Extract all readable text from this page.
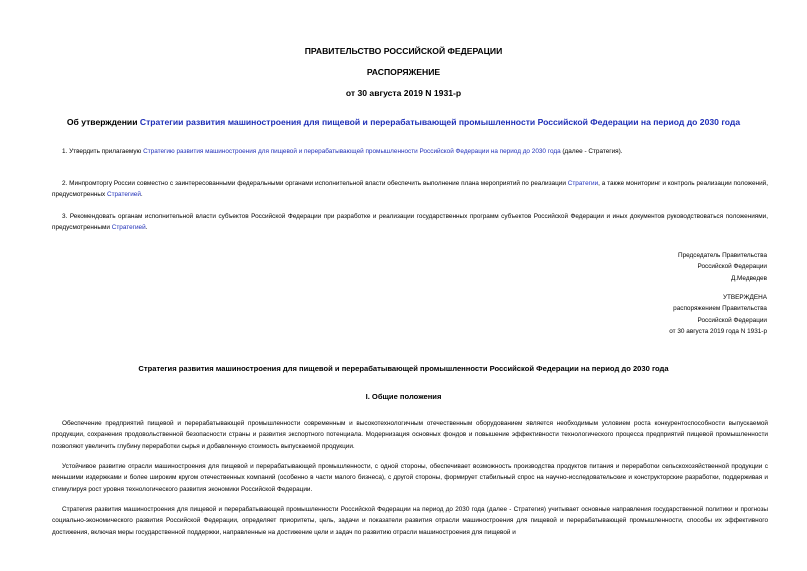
ПРАВИТЕЛЬСТВО РОССИЙСКОЙ ФЕДЕРАЦИИ
РАСПОРЯЖЕНИЕ
от 30 августа 2019 N 1931-р
Об утверждении Стратегии развития машиностроения для пищевой и перерабатывающей промышленности Российской Федерации на период до 2030 года
1. Утвердить прилагаемую Стратегию развития машиностроения для пищевой и перерабатывающей промышленности Российской Федерации на период до 2030 года (далее - Стратегия).
2. Минпромторгу России совместно с заинтересованными федеральными органами исполнительной власти обеспечить выполнение плана мероприятий по реализации Стратегии, а также мониторинг и контроль реализации положений, предусмотренных Стратегией.
3. Рекомендовать органам исполнительной власти субъектов Российской Федерации при разработке и реализации государственных программ субъектов Российской Федерации и иных документов руководствоваться положениями, предусмотренными Стратегией.
Председатель Правительства
Российской Федерации
Д.Медведев
УТВЕРЖДЕНА
распоряжением Правительства
Российской Федерации
от 30 августа 2019 года N 1931-р
Стратегия развития машиностроения для пищевой и перерабатывающей промышленности Российской Федерации на период до 2030 года
I. Общие положения
Обеспечение предприятий пищевой и перерабатывающей промышленности современным и высокотехнологичным отечественным оборудованием является необходимым условием роста конкурентоспособности выпускаемой продукции, сохранения продовольственной безопасности страны и развития экспортного потенциала. Модернизация основных фондов и повышение эффективности технологического процесса предприятий пищевой промышленности позволяют увеличить глубину переработки сырья и добавленную стоимость выпускаемой продукции.
Устойчивое развитие отрасли машиностроения для пищевой и перерабатывающей промышленности, с одной стороны, обеспечивает возможность производства продуктов питания и переработки сельскохозяйственной продукции с меньшими издержками и более широким кругом отечественных компаний (особенно в части малого бизнеса), с другой стороны, формирует стабильный спрос на научно-исследовательские и конструкторские разработки, поддерживая и стимулируя рост уровня технологического развития экономики Российской Федерации.
Стратегия развития машиностроения для пищевой и перерабатывающей промышленности Российской Федерации на период до 2030 года (далее - Стратегия) учитывает основные направления государственной политики и прогнозы социально-экономического развития Российской Федерации, определяет приоритеты, цель, задачи и показатели развития отрасли машиностроения для пищевой и перерабатывающей промышленности, способы их эффективного достижения, включая меры государственной поддержки, направленные на достижение цели и задач по развитию отрасли машиностроения для пищевой и
